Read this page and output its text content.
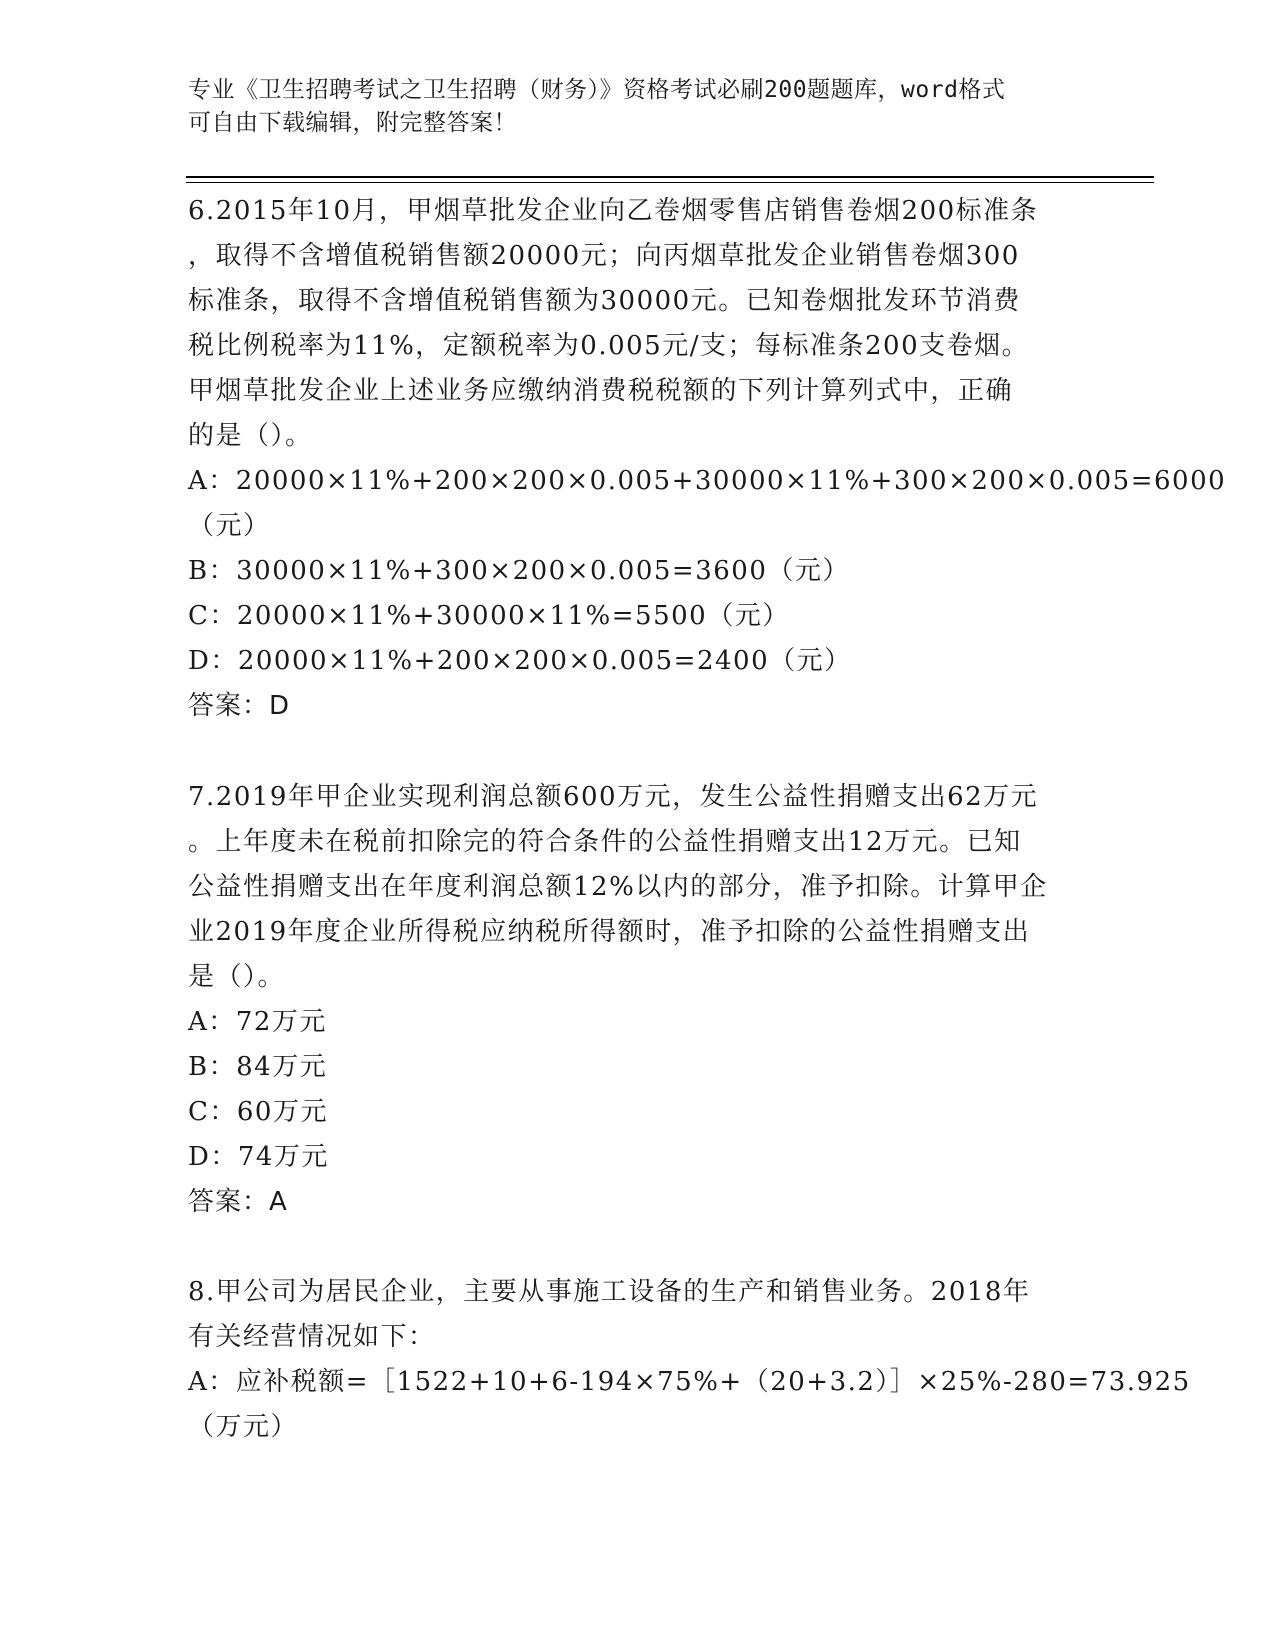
专业《卫生招聘考试之卫生招聘（财务）》资格考试必刷200题题库，word格式
可自由下载编辑，附完整答案！
6.2015年10月，甲烟草批发企业向乙卷烟零售店销售卷烟200标准条
，取得不含增值税销售额20000元；向丙烟草批发企业销售卷烟300
标准条，取得不含增值税销售额为30000元。已知卷烟批发环节消费
税比例税率为11%，定额税率为0.005元/支；每标准条200支卷烟。
甲烟草批发企业上述业务应缴纳消费税税额的下列计算列式中，正确
的是（）。
A：20000×11%+200×200×0.005+30000×11%+300×200×0.005=6000
（元）
B：30000×11%+300×200×0.005=3600（元）
C：20000×11%+30000×11%=5500（元）
D：20000×11%+200×200×0.005=2400（元）
答案：D
7.2019年甲企业实现利润总额600万元，发生公益性捐赠支出62万元
。上年度未在税前扣除完的符合条件的公益性捐赠支出12万元。已知
公益性捐赠支出在年度利润总额12%以内的部分，准予扣除。计算甲企
业2019年度企业所得税应纳税所得额时，准予扣除的公益性捐赠支出
是（）。
A：72万元
B：84万元
C：60万元
D：74万元
答案：A
8.甲公司为居民企业，主要从事施工设备的生产和销售业务。2018年
有关经营情况如下：
A：应补税额=［1522+10+6-194×75%+（20+3.2）］×25%-280=73.925
（万元）
